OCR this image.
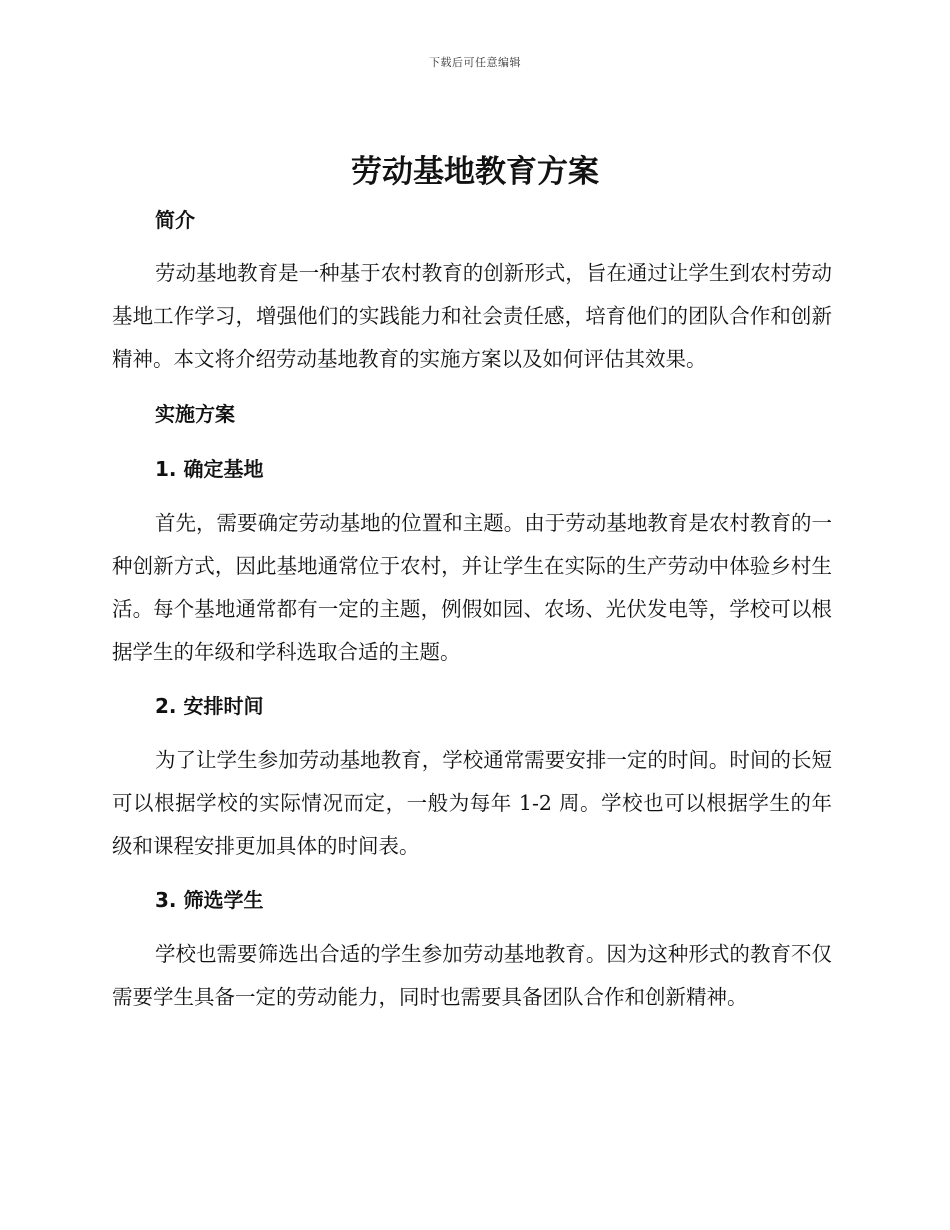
下载后可任意编辑
劳动基地教育方案
简介

劳动基地教育是一种基于农村教育的创新形式，旨在通过让学生到农村劳动基地工作学习，增强他们的实践能力和社会责任感，培育他们的团队合作和创新精神。本文将介绍劳动基地教育的实施方案以及如何评估其效果。

实施方案
1. 确定基地

首先，需要确定劳动基地的位置和主题。由于劳动基地教育是农村教育的一种创新方式，因此基地通常位于农村，并让学生在实际的生产劳动中体验乡村生活。每个基地通常都有一定的主题，例假如园、农场、光伏发电等，学校可以根据学生的年级和学科选取合适的主题。

2. 安排时间

为了让学生参加劳动基地教育，学校通常需要安排一定的时间。时间的长短可以根据学校的实际情况而定，一般为每年 1-2 周。学校也可以根据学生的年级和课程安排更加具体的时间表。

3. 筛选学生

学校也需要筛选出合适的学生参加劳动基地教育。因为这种形式的教育不仅需要学生具备一定的劳动能力，同时也需要具备团队合作和创新精神。
